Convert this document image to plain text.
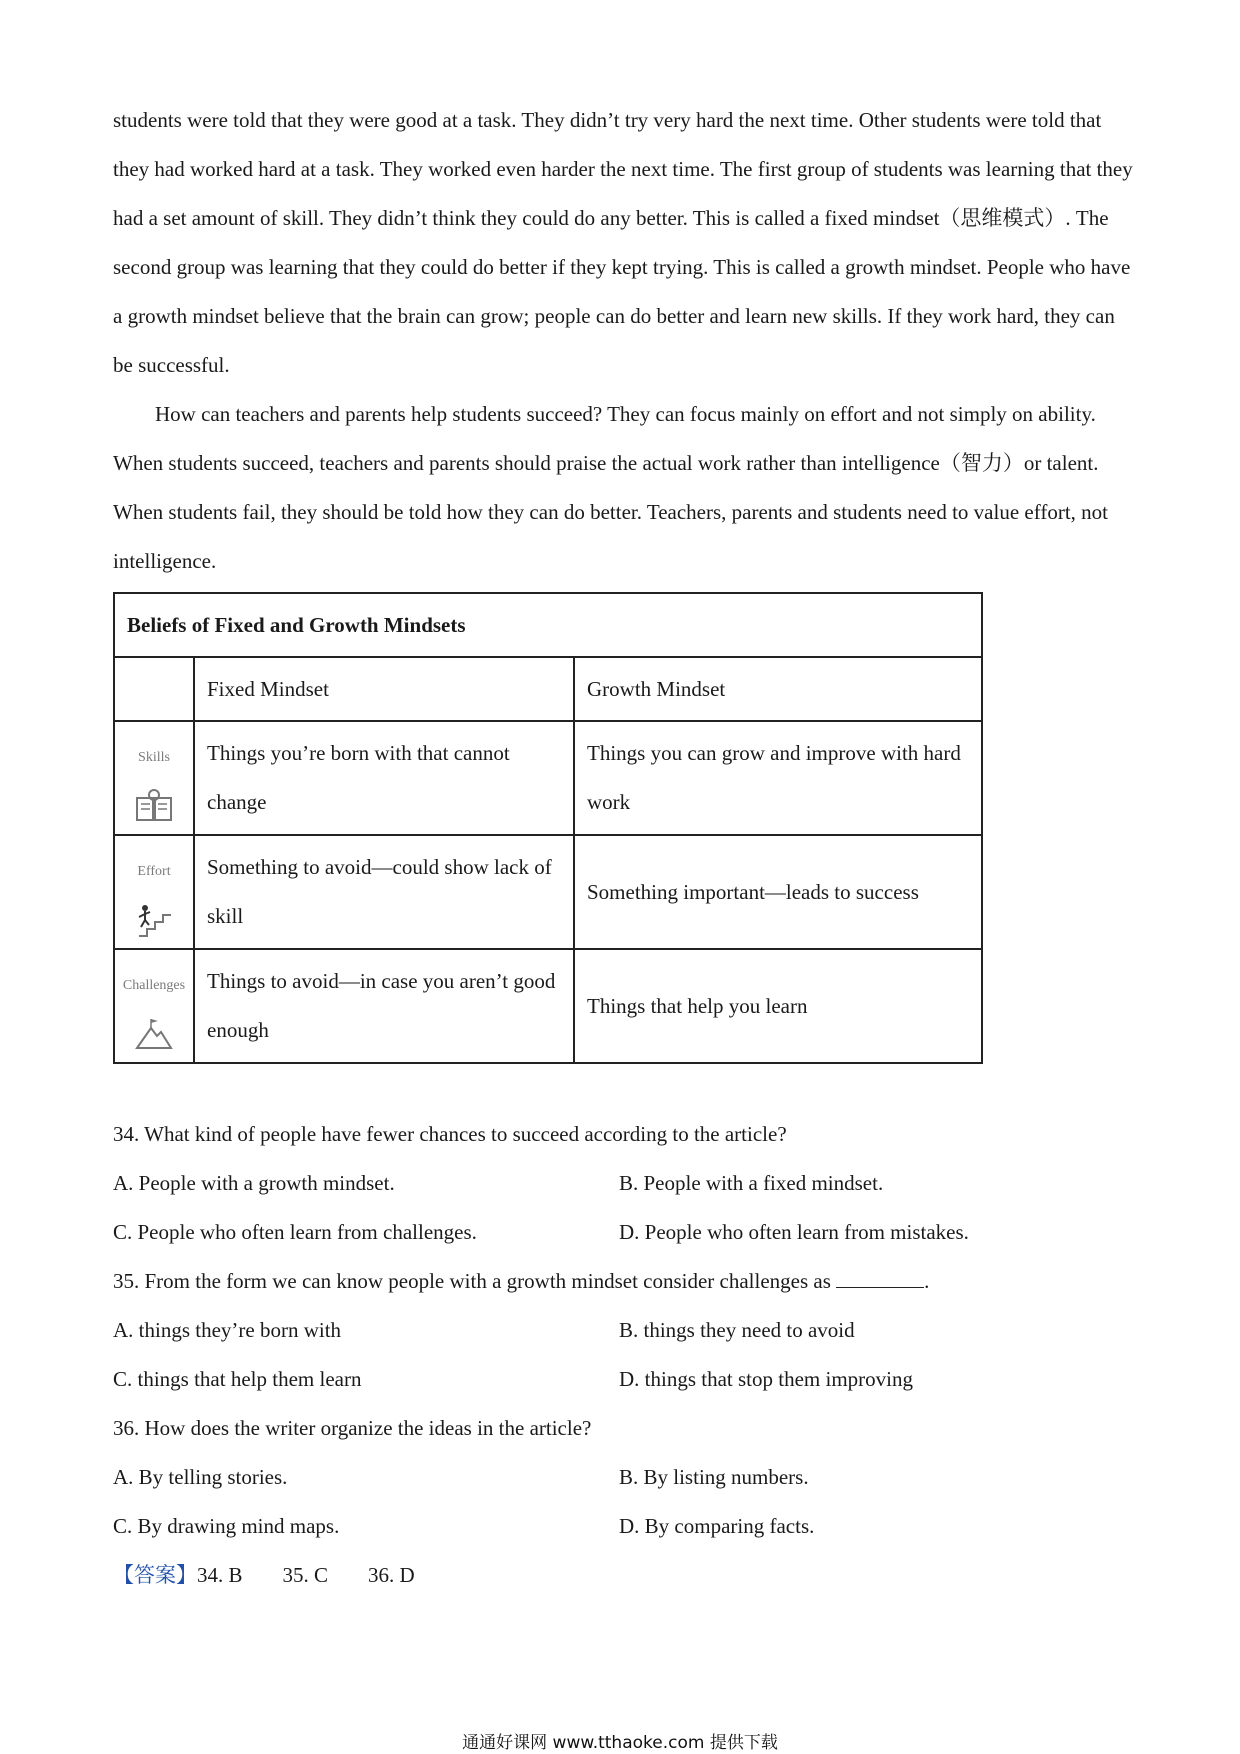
students were told that they were good at a task. They didn’t try very hard the next time. Other students were told that they had worked hard at a task. They worked even harder the next time. The first group of students was learning that they had a set amount of skill. They didn’t think they could do any better. This is called a fixed mindset（思维模式）. The second group was learning that they could do better if they kept trying. This is called a growth mindset. People who have a growth mindset believe that the brain can grow; people can do better and learn new skills. If they work hard, they can be successful.

How can teachers and parents help students succeed? They can focus mainly on effort and not simply on ability. When students succeed, teachers and parents should praise the actual work rather than intelligence（智力）or talent. When students fail, they should be told how they can do better. Teachers, parents and students need to value effort, not intelligence.

Beliefs of Fixed and Growth Mindsets		
	Fixed Mindset	Growth Mindset

Skills	Things you’re born with that cannot change	Things you can grow and improve with hard work

Effort	Something to avoid—could show lack of skill	Something important—leads to success

Challenges	Things to avoid—in case you aren’t good enough	Things that help you learn

34. What kind of people have fewer chances to succeed according to the article?

A. People with a growth mindset.	B. People with a fixed mindset.
C. People who often learn from challenges.	D. People who often learn from mistakes.

35. From the form we can know people with a growth mindset consider challenges as	.

A. things they’re born with	B. things they need to avoid
C. things that help them learn	D. things that stop them improving

36. How does the writer organize the ideas in the article?

A. By telling stories.	B. By listing numbers.
C. By drawing mind maps.	D. By comparing facts.

【答案】34. B 35. C 36. D

通通好课网 www.tthaoke.com 提供下载
